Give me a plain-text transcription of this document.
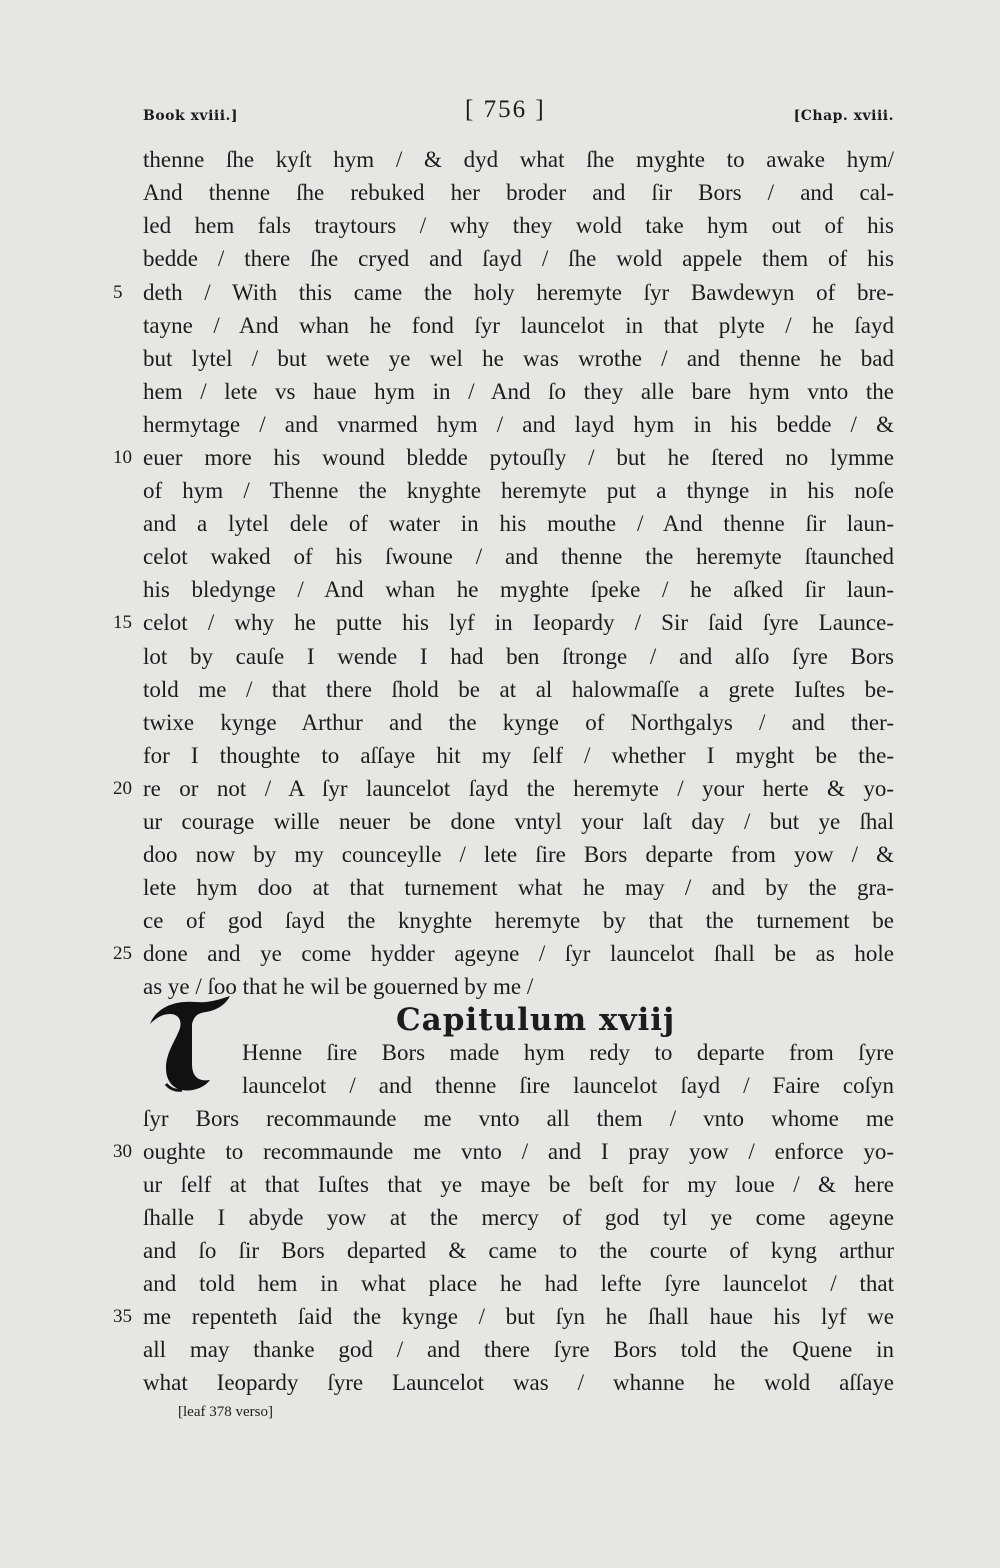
Book xviii.]	[ 756 ]	[Chap. xviii.
thenne ſhe kyſt hym / & dyd what ſhe myghte to awake hym/
And thenne ſhe rebuked her broder and ſir Bors / and cal-
led hem fals traytours / why they wold take hym out of his
bedde / there ſhe cryed and ſayd / ſhe wold appele them of his
deth / With this came the holy heremyte ſyr Bawdewyn of bre-
tayne / And whan he fond ſyr launcelot in that plyte / he ſayd
but lytel / but wete ye wel he was wrothe / and thenne he bad
hem / lete vs haue hym in / And ſo they alle bare hym vnto the
hermytage / and vnarmed hym / and layd hym in his bedde / &
euer more his wound bledde pytouſly / but he ſtered no lymme
of hym / Thenne the knyghte heremyte put a thynge in his noſe
and a lytel dele of water in his mouthe / And thenne ſir laun-
celot waked of his ſwoune / and thenne the heremyte ſtaunched
his bledynge / And whan he myghte ſpeke / he aſked ſir laun-
celot / why he putte his lyf in Ieopardy / Sir ſaid ſyre Launce-
lot by cauſe I wende I had ben ſtronge / and alſo ſyre Bors
told me / that there ſhold be at al halowmaſſe a grete Iuſtes be-
twixe kynge Arthur and the kynge of Northgalys / and ther-
for I thoughte to aſſaye hit my ſelf / whether I myght be the-
re or not / A ſyr launcelot ſayd the heremyte / your herte & yo-
ur courage wille neuer be done vntyl your laſt day / but ye ſhal
doo now by my counceylle / lete ſire Bors departe from yow / &
lete hym doo at that turnement what he may / and by the gra-
ce of god ſayd the knyghte heremyte by that the turnement be
done and ye come hydder ageyne / ſyr launcelot ſhall be as hole
as ye / ſoo that he wil be gouerned by me /
Capitulum xviij
Henne ſire Bors made hym redy to departe from ſyre
launcelot / and thenne ſire launcelot ſayd / Faire coſyn
ſyr Bors recommaunde me vnto all them / vnto whome me
oughte to recommaunde me vnto / and I pray yow / enforce yo-
ur ſelf at that Iuſtes that ye maye be beſt for my loue / & here
ſhalle I abyde yow at the mercy of god tyl ye come ageyne
and ſo ſir Bors departed & came to the courte of kyng arthur
and told hem in what place he had lefte ſyre launcelot / that
me repenteth ſaid the kynge / but ſyn he ſhall haue his lyf we
all may thanke god / and there ſyre Bors told the Quene in
what Ieopardy ſyre Launcelot was / whanne he wold aſſaye
5
10
15
20
25
30
35
[leaf 378 verso]
